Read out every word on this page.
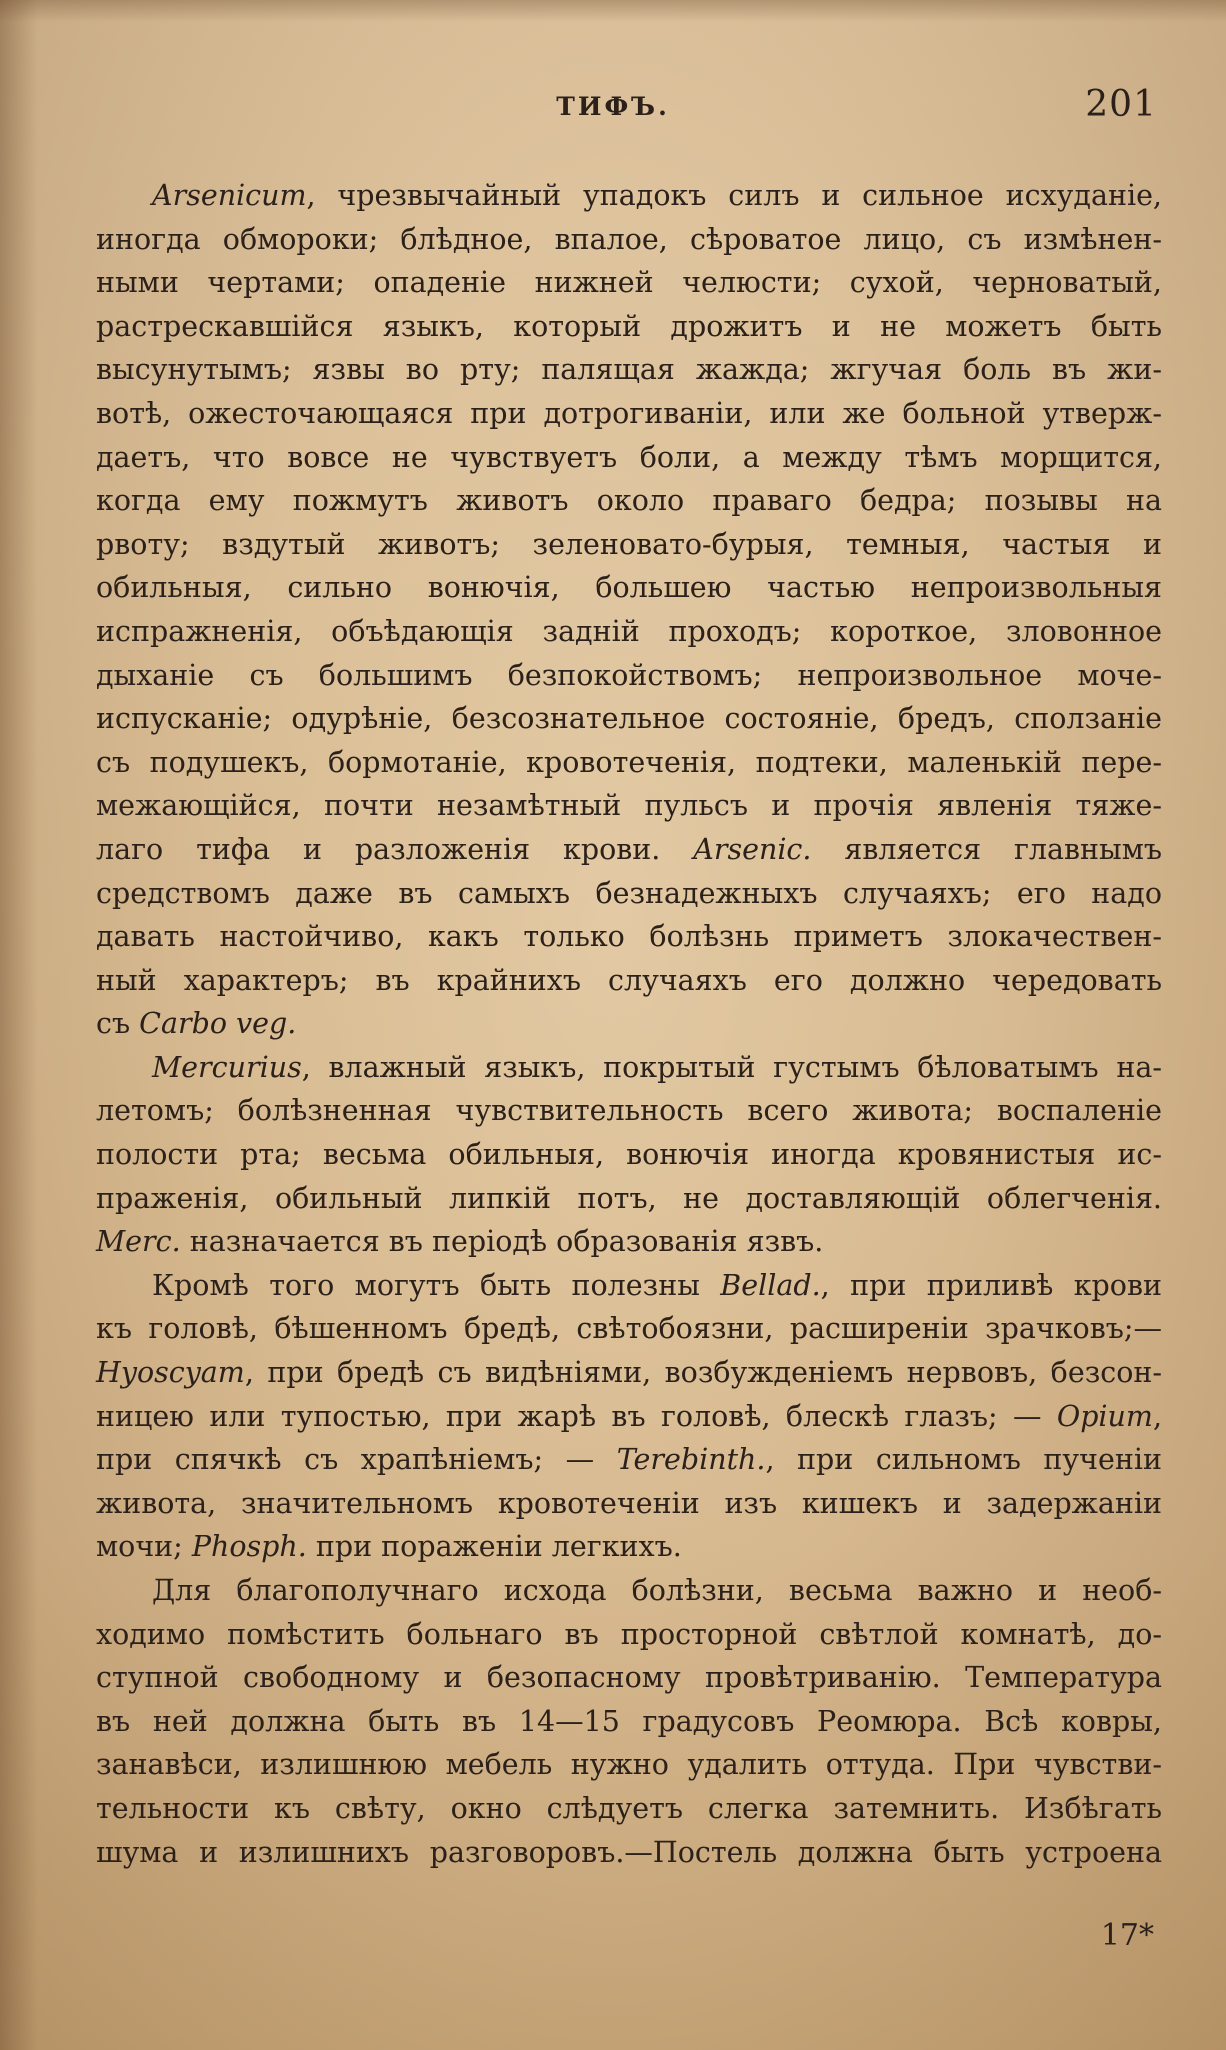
ТИФЪ.	201
Arsenicum, чрезвычайный упадокъ силъ и сильное исхуданіе,
иногда обмороки; блѣдное, впалое, сѣроватое лицо, съ измѣнен-
ными чертами; опаденіе нижней челюсти; сухой, черноватый,
растрескавшійся языкъ, который дрожитъ и не можетъ быть
высунутымъ; язвы во рту; палящая жажда; жгучая боль въ жи-
вотѣ, ожесточающаяся при дотрогиваніи, или же больной утверж-
даетъ, что вовсе не чувствуетъ боли, а между тѣмъ морщится,
когда ему пожмутъ животъ около праваго бедра; позывы на
рвоту; вздутый животъ; зеленовато-бурыя, темныя, частыя и
обильныя, сильно вонючія, большею частью непроизвольныя
испражненія, объѣдающія задній проходъ; короткое, зловонное
дыханіе съ большимъ безпокойствомъ; непроизвольное моче-
испусканіе; одурѣніе, безсознательное состояніе, бредъ, сползаніе
съ подушекъ, бормотаніе, кровотеченія, подтеки, маленькій пере-
межающійся, почти незамѣтный пульсъ и прочія явленія тяже-
лаго тифа и разложенія крови. Arsenic. является главнымъ
средствомъ даже въ самыхъ безнадежныхъ случаяхъ; его надо
давать настойчиво, какъ только болѣзнь приметъ злокачествен-
ный характеръ; въ крайнихъ случаяхъ его должно чередовать
съ Carbo veg.
Mercurius, влажный языкъ, покрытый густымъ бѣловатымъ на-
летомъ; болѣзненная чувствительность всего живота; воспаленіе
полости рта; весьма обильныя, вонючія иногда кровянистыя ис-
праженія, обильный липкій потъ, не доставляющій облегченія.
Merc. назначается въ періодѣ образованія язвъ.
Кромѣ того могутъ быть полезны Bellad., при приливѣ крови
къ головѣ, бѣшенномъ бредѣ, свѣтобоязни, расширеніи зрачковъ;—
Hyoscyam, при бредѣ съ видѣніями, возбужденіемъ нервовъ, безсон-
ницею или тупостью, при жарѣ въ головѣ, блескѣ глазъ; — Opium,
при спячкѣ съ храпѣніемъ; — Terebinth., при сильномъ пученіи
живота, значительномъ кровотеченіи изъ кишекъ и задержаніи
мочи; Phosph. при пораженіи легкихъ.
Для благополучнаго исхода болѣзни, весьма важно и необ-
ходимо помѣстить больнаго въ просторной свѣтлой комнатѣ, до-
ступной свободному и безопасному провѣтриванію. Температура
въ ней должна быть въ 14—15 градусовъ Реомюра. Всѣ ковры,
занавѣси, излишнюю мебель нужно удалить оттуда. При чувстви-
тельности къ свѣту, окно слѣдуетъ слегка затемнить. Избѣгать
шума и излишнихъ разговоровъ.—Постель должна быть устроена
17*
